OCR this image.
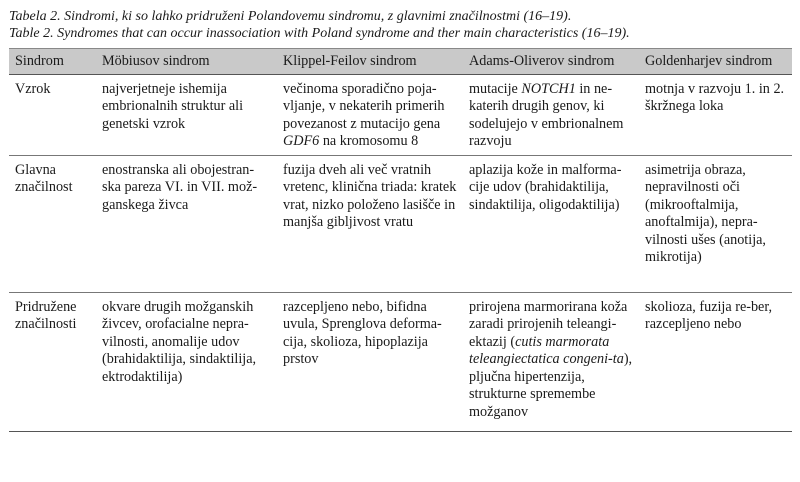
Tabela 2. Sindromi, ki so lahko pridruženi Polandovemu sindromu, z glavnimi značilnostmi (16–19).

Table 2. Syndromes that can occur inassociation with Poland syndrome and ther main characteristics (16–19).

Sindrom	Möbiusov sindrom	Klippel-Feilov sindrom	Adams-Oliverov sindrom	Goldenharjev sindrom
Vzrok	najverjetneje ishemija embrionalnih struktur ali genetski vzrok	večinoma sporadično poja-vljanje, v nekaterih primerih povezanost z mutacijo gena GDF6 na kromosomu 8	mutacije NOTCH1 in ne-katerih drugih genov, ki sodelujejo v embrionalnem razvoju	motnja v razvoju 1. in 2. škržnega loka
Glavna značilnost	enostranska ali obojestran-ska pareza VI. in VII. mož-ganskega živca	fuzija dveh ali več vratnih vretenc, klinična triada: kratek vrat, nizko položeno lasišče in manjša gibljivost vratu	aplazija kože in malforma-cije udov (brahidaktilija, sindaktilija, oligodaktilija)	asimetrija obraza, nepravilnosti oči (mikrooftalmija, anoftalmija), nepra-vilnosti ušes (anotija, mikrotija)
Pridružene značilnosti	okvare drugih možganskih živcev, orofacialne nepra-vilnosti, anomalije udov (brahidaktilija, sindaktilija, ektrodaktilija)	razcepljeno nebo, bifidna uvula, Sprenglova deforma-cija, skolioza, hipoplazija prstov	prirojena marmorirana koža zaradi prirojenih teleangi-ektazij (cutis marmorata teleangiectatica congeni-ta), pljučna hipertenzija, strukturne spremembe možganov	skolioza, fuzija re-ber, razcepljeno nebo
